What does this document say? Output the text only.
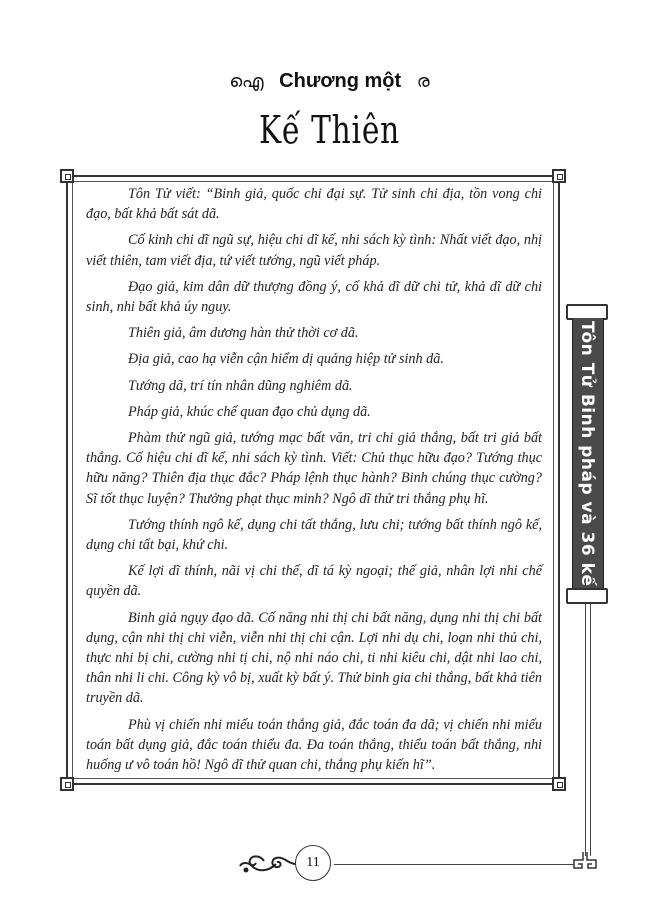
ഐ Chương một ര
Kế Thiên

Tôn Tử viết: “Binh giả, quốc chi đại sự. Tử sinh chi địa, tồn vong chi đạo, bất khả bất sát dã.

Cố kinh chi dĩ ngũ sự, hiệu chi dĩ kế, nhi sách kỳ tình: Nhất viết đạo, nhị viết thiên, tam viết địa, tứ viết tướng, ngũ viết pháp.

Đạo giả, kim dân dữ thượng đồng ý, cố khả dĩ dữ chi tử, khả dĩ dữ chi sinh, nhi bất khả úy nguy.

Thiên giả, âm dương hàn thử thời cơ dã.

Địa giả, cao hạ viễn cận hiểm dị quảng hiệp tử sinh dã.

Tướng dã, trí tín nhân dũng nghiêm dã.

Pháp giả, khúc chế quan đạo chủ dụng dã.

Phàm thử ngũ giả, tướng mạc bất văn, tri chi giả thắng, bất tri giả bất thắng. Cố hiệu chi dĩ kế, nhi sách kỳ tình. Viết: Chủ thục hữu đạo? Tướng thục hữu năng? Thiên địa thục đắc? Pháp lệnh thục hành? Binh chúng thục cường? Sĩ tốt thục luyện? Thưởng phạt thục minh? Ngô dĩ thử tri thắng phụ hĩ.

Tướng thính ngô kế, dụng chi tất thắng, lưu chi; tướng bất thính ngô kế, dụng chi tất bại, khứ chi.

Kế lợi dĩ thính, nãi vị chi thế, dĩ tá kỳ ngoại; thế giả, nhân lợi nhi chế quyền dã.

Binh giả ngụy đạo dã. Cố năng nhi thị chi bất năng, dụng nhi thị chi bất dụng, cận nhi thị chi viễn, viễn nhi thị chi cận. Lợi nhi dụ chi, loạn nhi thủ chi, thực nhi bị chi, cường nhi tị chi, nộ nhi náo chi, ti nhi kiêu chi, dật nhi lao chi, thân nhi li chi. Công kỳ vô bị, xuất kỳ bất ý. Thử binh gia chi thắng, bất khả tiên truyền dã.

Phù vị chiến nhi miếu toán thắng giả, đắc toán đa dã; vị chiến nhi miếu toán bất dụng giả, đắc toán thiểu đa. Đa toán thắng, thiểu toán bất thắng, nhi huống ư vô toán hồ! Ngô dĩ thử quan chi, thắng phụ kiến hĩ”.

Tôn Tử Binh pháp và 36 kế
11
